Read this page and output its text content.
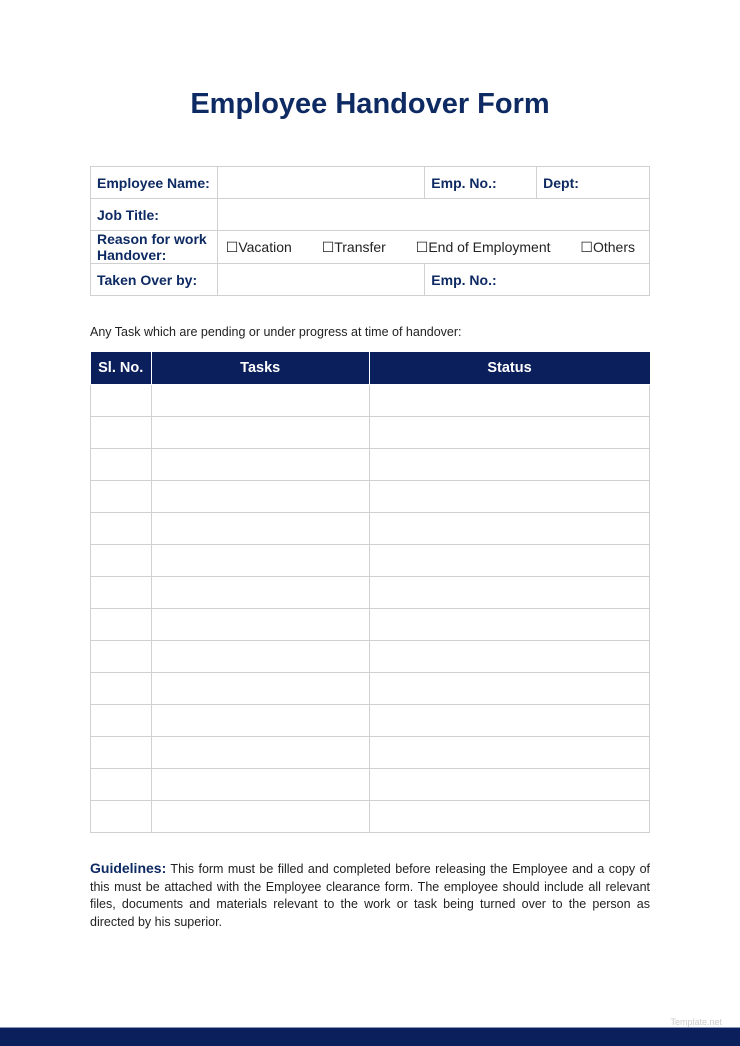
Employee Handover Form
Employee Name:		Emp. No.:	Dept:
Job Title:			
Reason for work Handover:	☐Vacation ☐Transfer ☐End of Employment ☐Others		

Taken Over by:		Emp. No.:	
Any Task which are pending or under progress at time of handover:
Sl. No.	Tasks	Status

Guidelines: This form must be filled and completed before releasing the Employee and a copy of this must be attached with the Employee clearance form. The employee should include all relevant files, documents and materials relevant to the work or task being turned over to the person as directed by his superior.
Template.net
